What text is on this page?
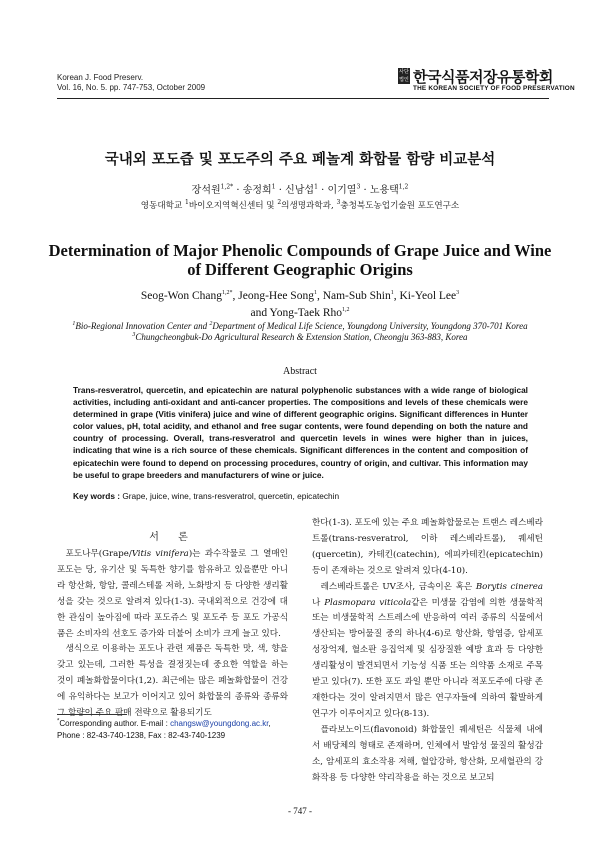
Korean J. Food Preserv.
Vol. 16, No. 5. pp. 747-753, October 2009
사단법인 한국식품저장유통학회
THE KOREAN SOCIETY OF FOOD PRESERVATION
국내외 포도즙 및 포도주의 주요 페놀계 화합물 함량 비교분석
장석원$^{1,2*}$ · 송정희$^1$ · 신남섭$^1$ · 이기열$^3$ · 노용택$^{1,2}$
영동대학교 $^1$바이오지역혁신센터 및 $^2$의생명과학과, $^3$충청북도농업기술원 포도연구소
Determination of Major Phenolic Compounds of Grape Juice and Wine
of Different Geographic Origins
Seog-Won Chang$^{1,2*}$, Jeong-Hee Song$^1$, Nam-Sub Shin$^1$, Ki-Yeol Lee$^3$
and Yong-Taek Rho$^{1,2}$
$^1$Bio-Regional Innovation Center and $^2$Department of Medical Life Science, Youngdong University, Youngdong 370-701 Korea
$^3$Chungcheongbuk-Do Agricultural Research & Extension Station, Cheongju 363-883, Korea
Abstract
Trans-resveratrol, quercetin, and epicatechin are natural polyphenolic substances with a wide range of biological activities, including anti-oxidant and anti-cancer properties. The compositions and levels of these chemicals were determined in grape (Vitis vinifera) juice and wine of different geographic origins. Significant differences in Hunter color values, pH, total acidity, and ethanol and free sugar contents, were found depending on both the nature and country of processing. Overall, trans-resveratrol and quercetin levels in wines were higher than in juices, indicating that wine is a rich source of these chemicals. Significant differences in the content and composition of epicatechin were found to depend on processing procedures, country of origin, and cultivar. This information may be useful to grape breeders and manufacturers of wine or juice.
Key words : Grape, juice, wine, trans-resveratrol, quercetin, epicatechin
서 론

포도나무(Grape/Vitis vinifera)는 과수작물로 그 열매인 포도는 당, 유기산 및 독특한 향기를 함유하고 있을뿐만 아니라 항산화, 항암, 콜레스테롤 저하, 노화방지 등 다양한 생리활성을 갖는 것으로 알려져 있다(1-3). 국내외적으로 건강에 대한 관심이 높아짐에 따라 포도쥬스 및 포도주 등 포도 가공식품은 소비자의 선호도 증가와 더불어 소비가 크게 늘고 있다.

생식으로 이용하는 포도나 관련 제품은 독특한 맛, 색, 향을 갖고 있는데, 그러한 특성을 결정짓는데 중요한 역할을 하는 것이 폐놀화합물이다(1,2). 최근에는 많은 폐놀화합물이 건강에 유익하다는 보고가 이어지고 있어 화합물의 종류와 종류와 그 함량이 주요 판매 전략으로 활용되기도

한다(1-3). 포도에 있는 주요 폐놀화합물로는 트랜스 레스베라트롤(trans-resveratrol, 이하 레스베라트롤), 퀘세틴(quercetin), 카테킨(catechin), 에피카테킨(epicatechin) 등이 존재하는 것으로 알려져 있다(4-10).

레스베라트롤은 UV조사, 금속이온 혹은 Borytis cinerea 나 Plasmopara viticola같은 미생물 감염에 의한 생물학적 또는 비생물학적 스트레스에 반응하여 여러 종류의 식물에서 생산되는 방어물질 중의 하나(4-6)로 항산화, 항염증, 암세포 성장억제, 혈소판 응집억제 및 심장질환 예방 효과 등 다양한 생리활성이 발견되면서 기능성 식품 또는 의약품 소재로 주목 받고 있다(7). 또한 포도 과일 뿐만 아니라 적포도주에 다량 존재한다는 것이 알려지면서 많은 연구자들에 의하여 활발하게 연구가 이루어지고 있다(8-13).

플라보노이드(flavonoid) 화합물인 퀘세틴은 식물체 내에서 배당체의 형태로 존재하며, 인체에서 발암성 물질의 활성감소, 암세포의 효소작용 저해, 혈압강하, 항산화, 모세혈관의 강화작용 등 다양한 약리작용을 하는 것으로 보고되

*Corresponding author. E-mail : changsw@youngdong.ac.kr,
Phone : 82-43-740-1238, Fax : 82-43-740-1239
- 747 -
